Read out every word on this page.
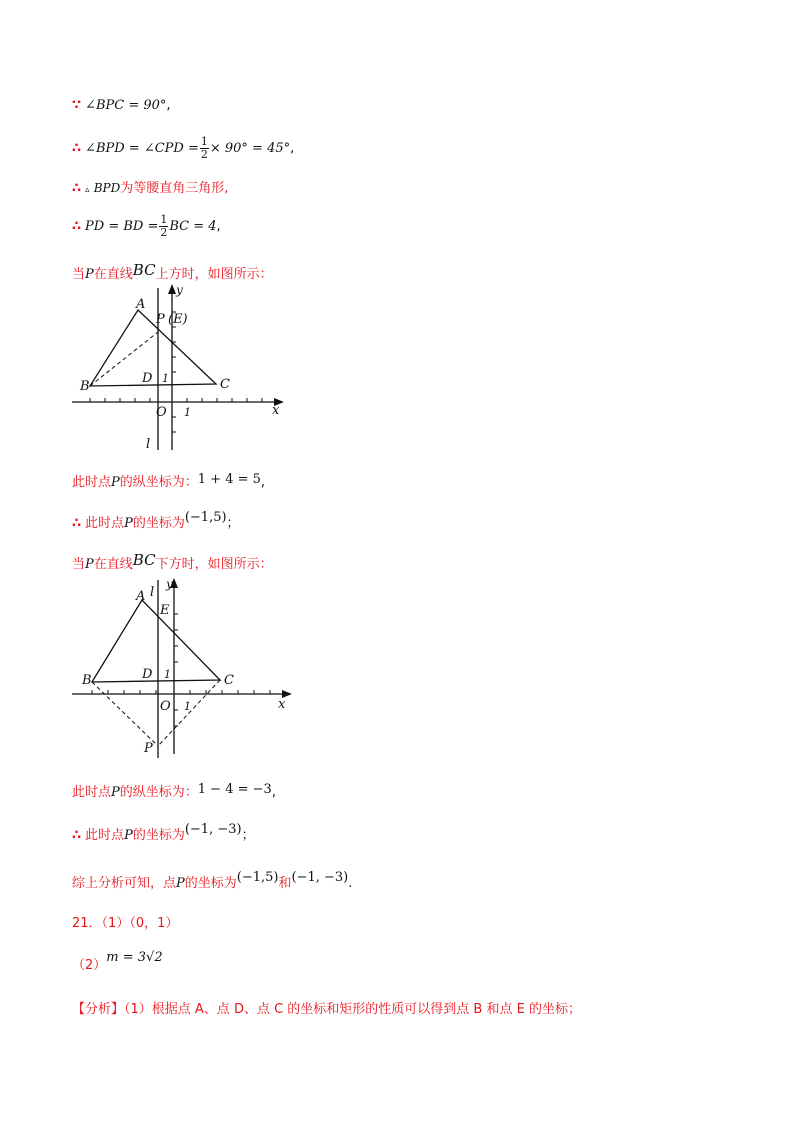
∵ ∠BPC = 90°,
∴ ∠BPD = ∠CPD = $\frac{1}{2} \times 90^\circ = 45^\circ$,
∴ ▵ BPD为等腰直角三角形,
∴ PD = BD = $\frac{1}{2}$ BC = 4,
当P在直线BC上方时，如图所示：
A
P (E)
y
B
D 1	C
O 1	x
l
此时点P的纵坐标为：1 + 4 = 5,
∴ 此时点P的坐标为(−1,5)；
当P在直线BC下方时，如图所示：
A l
y
E
B	D 1	C
O 1	x
P
此时点P的纵坐标为：1 − 4 = −3,
∴ 此时点P的坐标为(−1, −3)；
综上分析可知，点P的坐标为(−1,5)和(−1, −3).
21．（1）（0，1）
（2）m = 3√2
【分析】（1）根据点 A、点 D、点 C 的坐标和矩形的性质可以得到点 B 和点 E 的坐标；
